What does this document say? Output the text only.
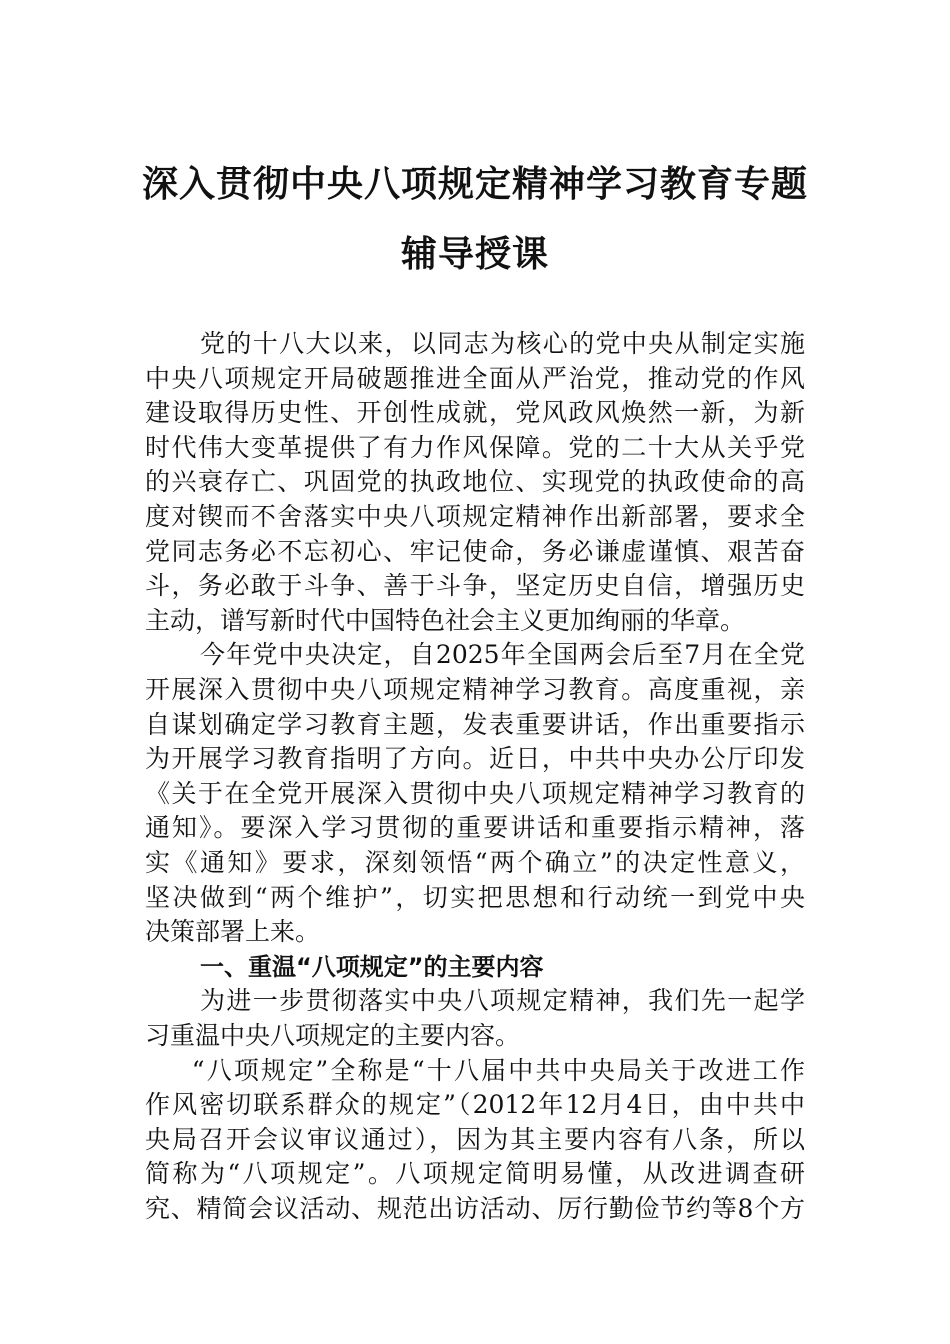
深入贯彻中央八项规定精神学习教育专题
辅导授课
党的十八大以来，以同志为核心的党中央从制定实施
中央八项规定开局破题推进全面从严治党，推动党的作风
建设取得历史性、开创性成就，党风政风焕然一新，为新
时代伟大变革提供了有力作风保障。党的二十大从关乎党
的兴衰存亡、巩固党的执政地位、实现党的执政使命的高
度对锲而不舍落实中央八项规定精神作出新部署，要求全
党同志务必不忘初心、牢记使命，务必谦虚谨慎、艰苦奋
斗，务必敢于斗争、善于斗争，坚定历史自信，增强历史
主动，谱写新时代中国特色社会主义更加绚丽的华章。
今年党中央决定，自2025年全国两会后至7月在全党
开展深入贯彻中央八项规定精神学习教育。高度重视，亲
自谋划确定学习教育主题，发表重要讲话，作出重要指示
为开展学习教育指明了方向。近日，中共中央办公厅印发
《关于在全党开展深入贯彻中央八项规定精神学习教育的
通知》。要深入学习贯彻的重要讲话和重要指示精神，落
实《通知》要求，深刻领悟“两个确立”的决定性意义，
坚决做到“两个维护”，切实把思想和行动统一到党中央
决策部署上来。
一、重温“八项规定”的主要内容
为进一步贯彻落实中央八项规定精神，我们先一起学
习重温中央八项规定的主要内容。
“八项规定”全称是“十八届中共中央局关于改进工作
作风密切联系群众的规定”（2012年12月4日，由中共中
央局召开会议审议通过），因为其主要内容有八条，所以
简称为“八项规定”。八项规定简明易懂，从改进调查研
究、精简会议活动、规范出访活动、厉行勤俭节约等8个方
